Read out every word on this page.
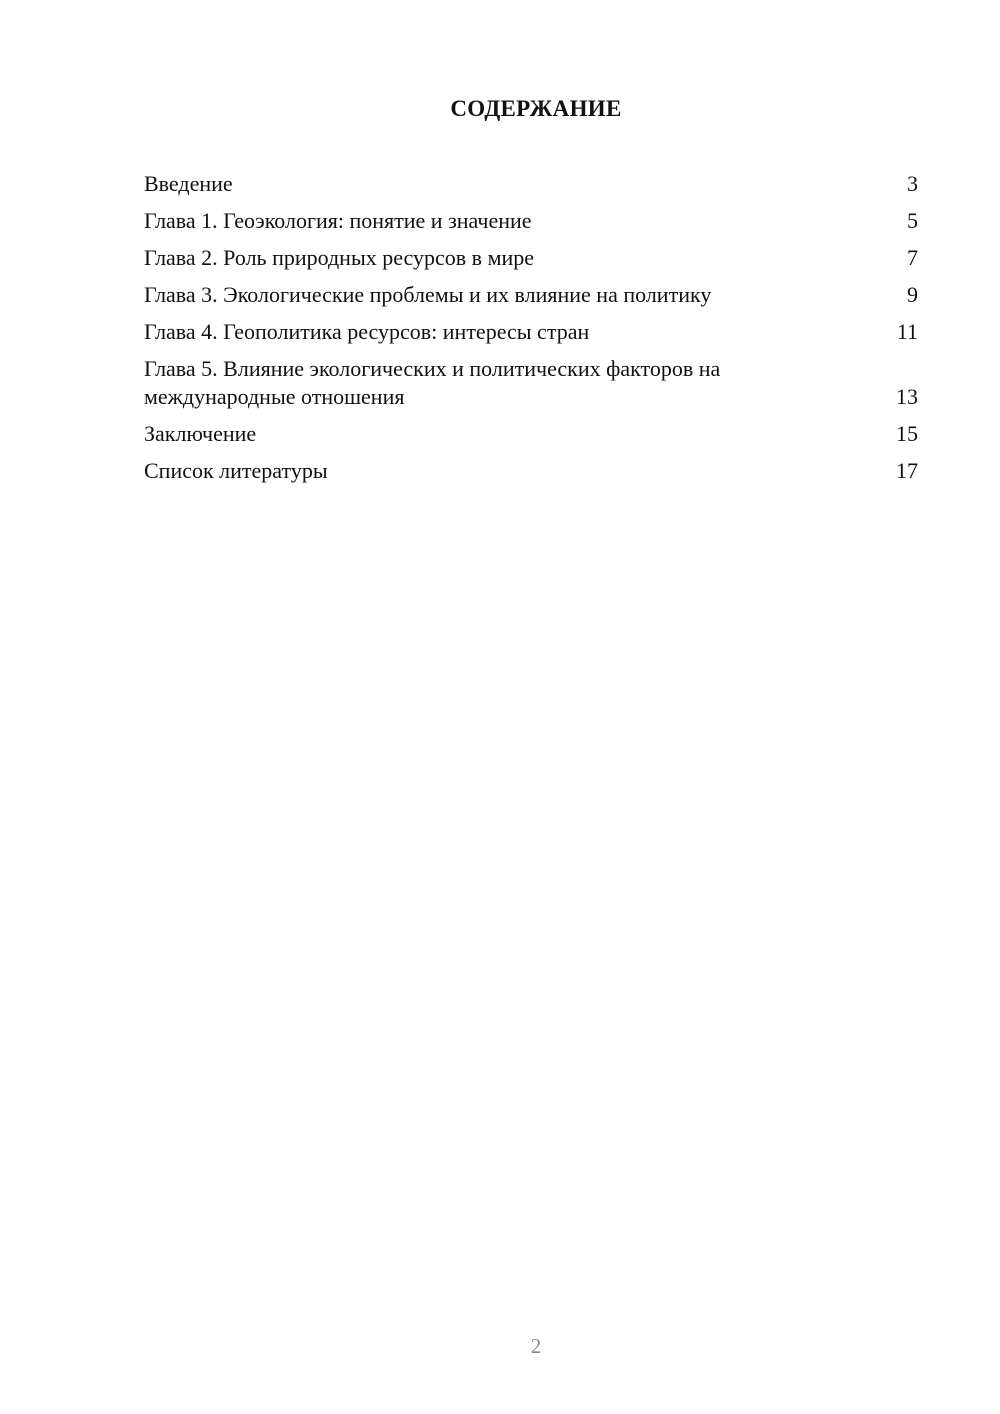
СОДЕРЖАНИЕ
Введение	3
Глава 1. Геоэкология: понятие и значение	5
Глава 2. Роль природных ресурсов в мире	7
Глава 3. Экологические проблемы и их влияние на политику	9
Глава 4. Геополитика ресурсов: интересы стран	11
Глава 5. Влияние экологических и политических факторов на международные отношения	13
Заключение	15
Список литературы	17
2
